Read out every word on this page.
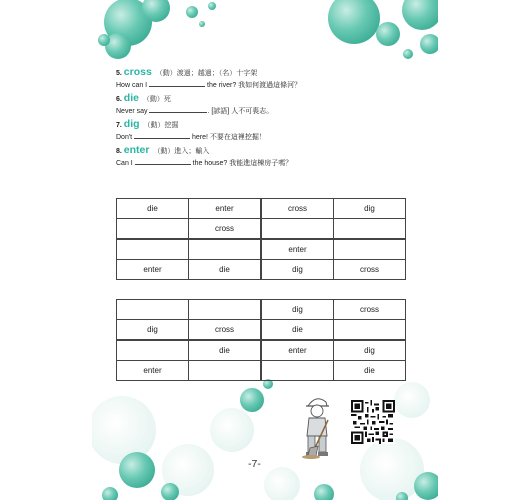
5. cross （動）渡過；越過；（名）十字架
How can I	the river? 我如何渡過這條河？
6. die （動）死
Never say	. [諺語] 人不可喪志。
7. dig （動）挖掘
Don't	here! 不要在這裡挖掘！
8. enter （動）進入；輸入
Can I	the house? 我能進這棟房子嗎？
die	enter	cross	dig
	cross		
		enter	
enter	die	dig	cross
		dig	cross
dig	cross	die	
	die	enter	dig
enter			die
-7-
